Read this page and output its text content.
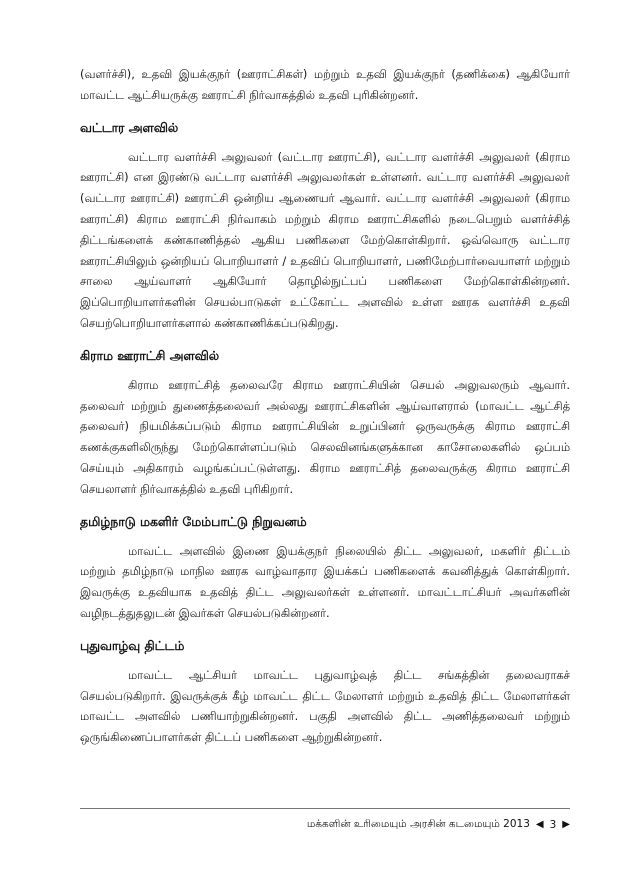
(வளர்ச்சி), உதவி இயக்குநர் (ஊராட்சிகள்) மற்றும் உதவி இயக்குநர் (தணிக்கை) ஆகியோர் மாவட்ட ஆட்சியருக்கு ஊராட்சி நிர்வாகத்தில் உதவி புரிகின்றனர்.

வட்டார அளவில்

வட்டார வளர்ச்சி அலுவலர் (வட்டார ஊராட்சி), வட்டார வளர்ச்சி அலுவலர் (கிராம ஊராட்சி) என இரண்டு வட்டார வளர்ச்சி அலுவலர்கள் உள்ளனர். வட்டார வளர்ச்சி அலுவலர் (வட்டார ஊராட்சி) ஊராட்சி ஒன்றிய ஆணையர் ஆவார். வட்டார வளர்ச்சி அலுவலர் (கிராம ஊராட்சி) கிராம ஊராட்சி நிர்வாகம் மற்றும் கிராம ஊராட்சிகளில் நடைபெறும் வளர்ச்சித் திட்டங்களைக் கண்காணித்தல் ஆகிய பணிகளை மேற்கொள்கிறார். ஒவ்வொரு வட்டார ஊராட்சியிலும் ஒன்றியப் பொறியாளர் / உதவிப் பொறியாளர், பணிமேற்பார்வையாளர் மற்றும் சாலை ஆய்வாளர் ஆகியோர் தொழில்நுட்பப் பணிகளை மேற்கொள்கின்றனர். இப்பொறியாளர்களின் செயல்பாடுகள் உட்கோட்ட அளவில் உள்ள ஊரக வளர்ச்சி உதவி செயற்பொறியாளர்களால் கண்காணிக்கப்படுகிறது.

கிராம ஊராட்சி அளவில்

கிராம ஊராட்சித் தலைவரே கிராம ஊராட்சியின் செயல் அலுவலரும் ஆவார். தலைவர் மற்றும் துணைத்தலைவர் அல்லது ஊராட்சிகளின் ஆய்வாளரால் (மாவட்ட ஆட்சித் தலைவர்) நியமிக்கப்படும் கிராம ஊராட்சியின் உறுப்பினர் ஒருவருக்கு கிராம ஊராட்சி கணக்குகளிலிருந்து மேற்கொள்ளப்படும் செலவினங்களுக்கான காசோலைகளில் ஒப்பம் செய்யும் அதிகாரம் வழங்கப்பட்டுள்ளது. கிராம ஊராட்சித் தலைவருக்கு கிராம ஊராட்சி செயலாளர் நிர்வாகத்தில் உதவி புரிகிறார்.

தமிழ்நாடு மகளிர் மேம்பாட்டு நிறுவனம்

மாவட்ட அளவில் இணை இயக்குநர் நிலையில் திட்ட அலுவலர், மகளிர் திட்டம் மற்றும் தமிழ்நாடு மாநில ஊரக வாழ்வாதார இயக்கப் பணிகளைக் கவனித்துக் கொள்கிறார். இவருக்கு உதவியாக உதவித் திட்ட அலுவலர்கள் உள்ளனர். மாவட்டாட்சியர் அவர்களின் வழிநடத்துதலுடன் இவர்கள் செயல்படுகின்றனர்.

புதுவாழ்வு திட்டம்

மாவட்ட ஆட்சியர் மாவட்ட புதுவாழ்வுத் திட்ட சங்கத்தின் தலைவராகச் செயல்படுகிறார். இவருக்குக் கீழ் மாவட்ட திட்ட மேலாளர் மற்றும் உதவித் திட்ட மேலாளர்கள் மாவட்ட அளவில் பணியாற்றுகின்றனர். பகுதி அளவில் திட்ட அணித்தலைவர் மற்றும் ஒருங்கிணைப்பாளர்கள் திட்டப் பணிகளை ஆற்றுகின்றனர்.

மக்களின் உரிமையும் அரசின் கடமையும் 2013 ◀ 3 ▶
